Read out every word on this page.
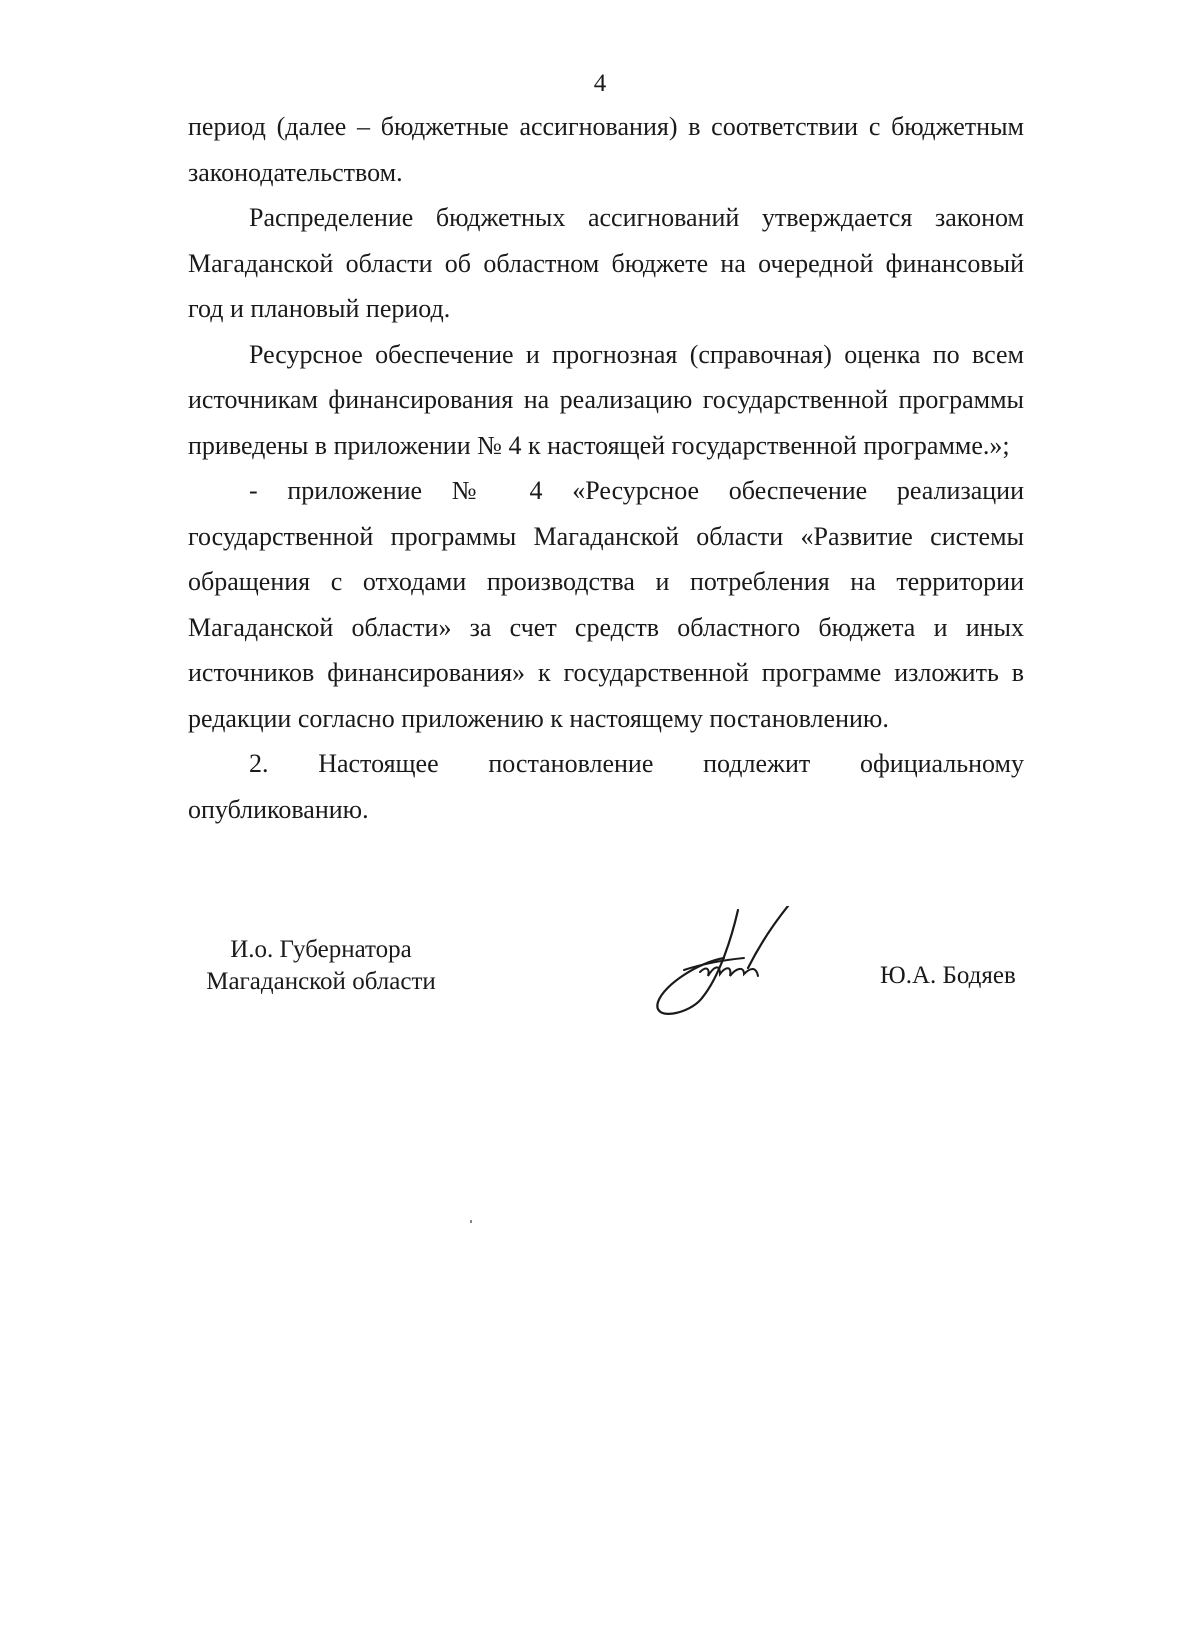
4

период (далее – бюджетные ассигнования) в соответствии с бюджетным законодательством.

Распределение бюджетных ассигнований утверждается законом Магаданской области об областном бюджете на очередной финансовый год и плановый период.

Ресурсное обеспечение и прогнозная (справочная) оценка по всем источникам финансирования на реализацию государственной программы приведены в приложении № 4 к настоящей государственной программе.»;

- приложение № 4 «Ресурсное обеспечение реализации государственной программы Магаданской области «Развитие системы обращения с отходами производства и потребления на территории Магаданской области» за счет средств областного бюджета и иных источников финансирования» к государственной программе изложить в редакции согласно приложению к настоящему постановлению.

2. Настоящее постановление подлежит официальному опубликованию.

И.о. Губернатора
Магаданской области	Ю.А. Бодяев
